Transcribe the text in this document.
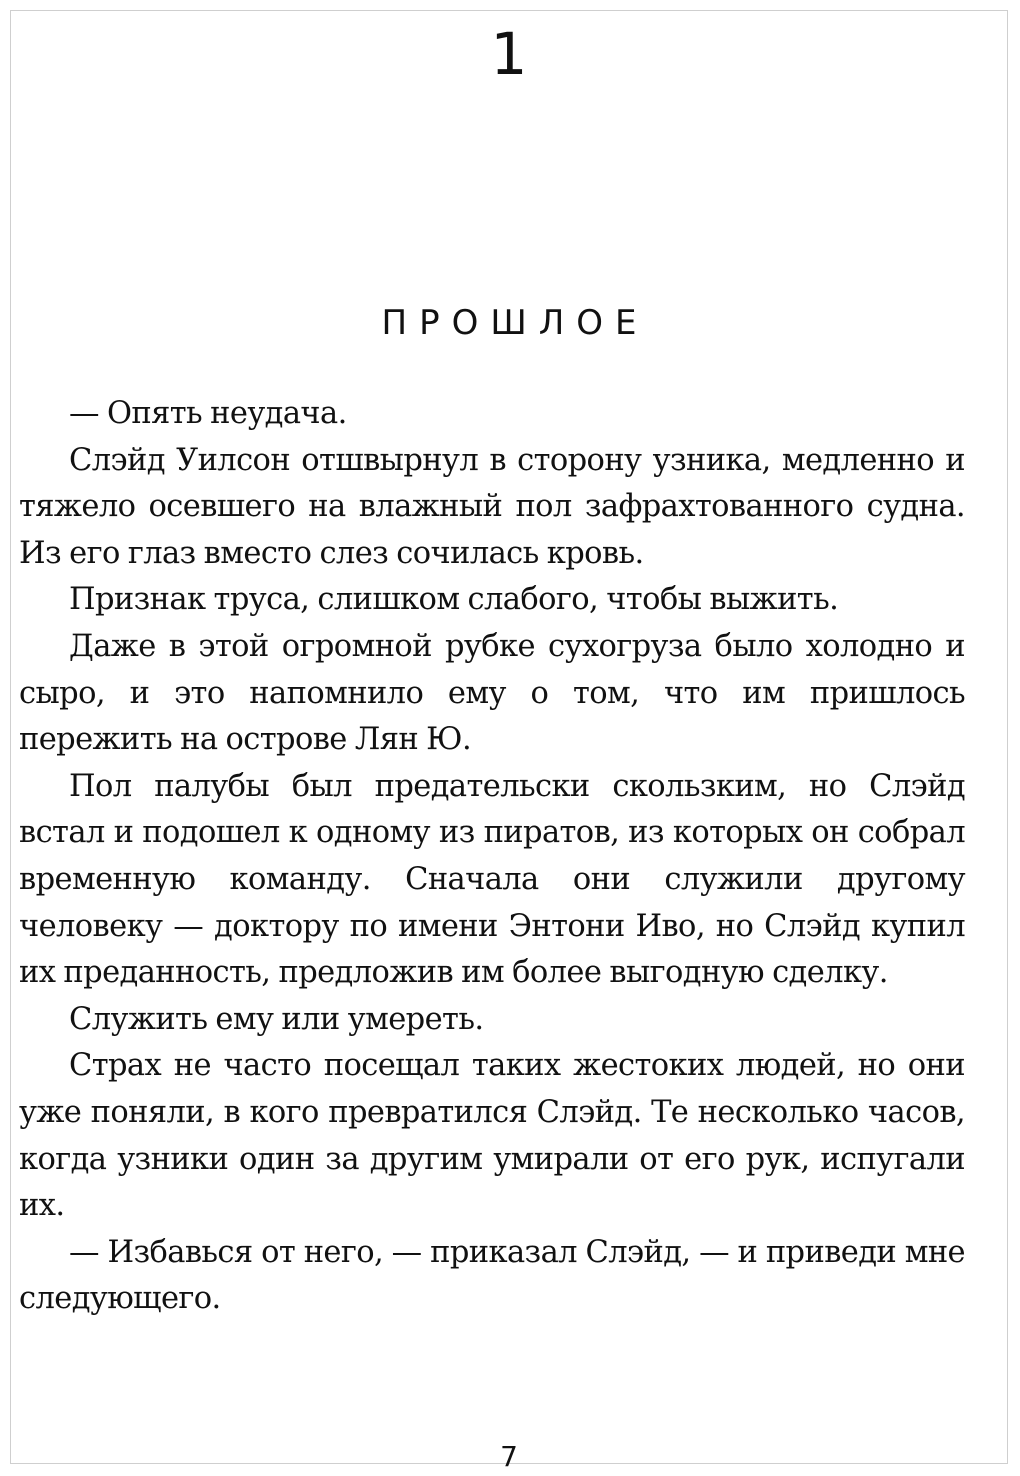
1
ПРОШЛОЕ

— Опять неудача.

Слэйд Уилсон отшвырнул в сторону узника, медленно и тяжело осевшего на влажный пол зафрахтованного судна. Из его глаз вместо слез сочилась кровь.

Признак труса, слишком слабого, чтобы выжить.

Даже в этой огромной рубке сухогруза было холодно и сыро, и это напомнило ему о том, что им пришлось пережить на острове Лян Ю.

Пол палубы был предательски скользким, но Слэйд встал и подошел к одному из пиратов, из которых он собрал временную команду. Сначала они служили другому человеку — доктору по имени Энтони Иво, но Слэйд купил их преданность, предложив им более выгодную сделку.

Служить ему или умереть.

Страх не часто посещал таких жестоких людей, но они уже поняли, в кого превратился Слэйд. Те несколько часов, когда узники один за другим умирали от его рук, испугали их.

— Избавься от него, — приказал Слэйд, — и приведи мне следующего.

7
